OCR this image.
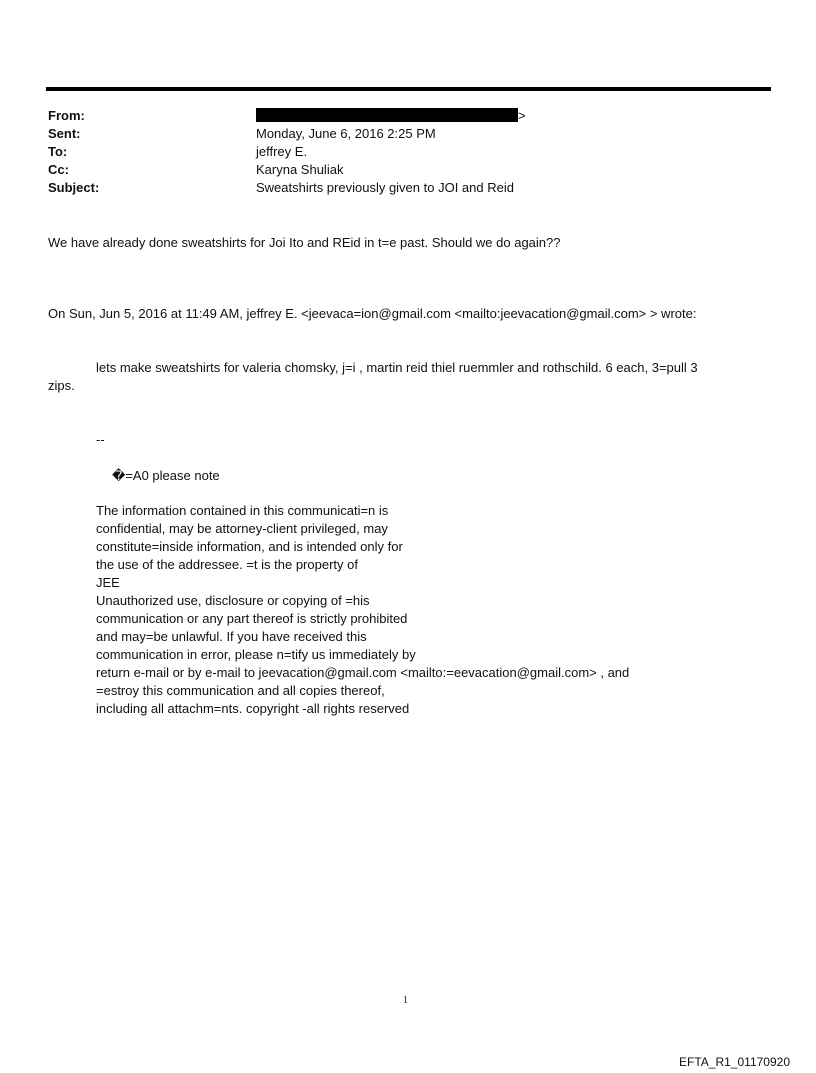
From:	>
Sent:	Monday, June 6, 2016 2:25 PM
To:	jeffrey E.
Cc:	Karyna Shuliak
Subject:	Sweatshirts previously given to JOI and Reid
We have already done sweatshirts for Joi Ito and REid in t=e past. Should we do again??
On Sun, Jun 5, 2016 at 11:49 AM, jeffrey E. <jeevaca=ion@gmail.com <mailto:jeevacation@gmail.com> > wrote:
lets make sweatshirts for valeria chomsky, j=i , martin reid thiel ruemmler and rothschild. 6 each, 3=pull 3
zips.
--
�=A0 please note
The information contained in this communicati=n is
confidential, may be attorney-client privileged, may
constitute=inside information, and is intended only for
the use of the addressee. =t is the property of
JEE
Unauthorized use, disclosure or copying of =his
communication or any part thereof is strictly prohibited
and may=be unlawful. If you have received this
communication in error, please n=tify us immediately by
return e-mail or by e-mail to jeevacation@gmail.com <mailto:=eevacation@gmail.com> , and
=estroy this communication and all copies thereof,
including all attachm=nts. copyright -all rights reserved
1
EFTA_R1_01170920
